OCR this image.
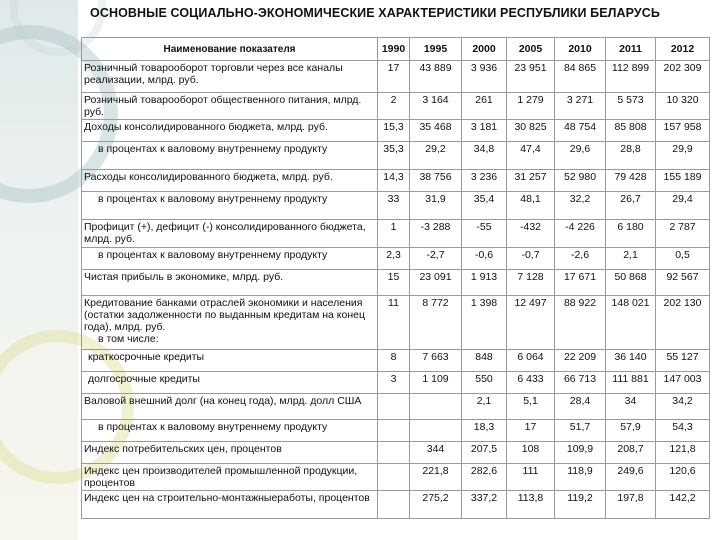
ОСНОВНЫЕ СОЦИАЛЬНО-ЭКОНОМИЧЕСКИЕ ХАРАКТЕРИСТИКИ РЕСПУБЛИКИ БЕЛАРУСЬ
Наименование показателя	1990	1995	2000	2005	2010	2011	2012
Розничный товарооборот торговли через все каналы реализации, млрд. руб.	17	43 889	3 936	23 951	84 865	112 899	202 309
Розничный товарооборот общественного питания, млрд. руб.	2	3 164	261	1 279	3 271	5 573	10 320
Доходы консолидированного бюджета, млрд. руб.	15,3	35 468	3 181	30 825	48 754	85 808	157 958
в процентах к валовому внутреннему продукту	35,3	29,2	34,8	47,4	29,6	28,8	29,9
Расходы консолидированного бюджета, млрд. руб.	14,3	38 756	3 236	31 257	52 980	79 428	155 189
в процентах к валовому внутреннему продукту	33	31,9	35,4	48,1	32,2	26,7	29,4
Профицит (+), дефицит (-) консолидированного бюджета, млрд. руб.	1	-3 288	-55	-432	-4 226	6 180	2 787
в процентах к валовому внутреннему продукту	2,3	-2,7	-0,6	-0,7	-2,6	2,1	0,5
Чистая прибыль в экономике, млрд. руб.	15	23 091	1 913	7 128	17 671	50 868	92 567
Кредитование банками отраслей экономики и населения (остатки задолженности по выданным кредитам на конец года), млрд. руб.
в том числе:	11	8 772	1 398	12 497	88 922	148 021	202 130
краткосрочные кредиты	8	7 663	848	6 064	22 209	36 140	55 127
долгосрочные кредиты	3	1 109	550	6 433	66 713	111 881	147 003
Валовой внешний долг (на конец года), млрд. долл США			2,1	5,1	28,4	34	34,2
в процентах к валовому внутреннему продукту			18,3	17	51,7	57,9	54,3
Индекс потребительских цен, процентов		344	207,5	108	109,9	208,7	121,8
Индекс цен производителей промышленной продукции, процентов		221,8	282,6	111	118,9	249,6	120,6
Индекс цен на строительно-монтажныеработы, процентов		275,2	337,2	113,8	119,2	197,8	142,2
